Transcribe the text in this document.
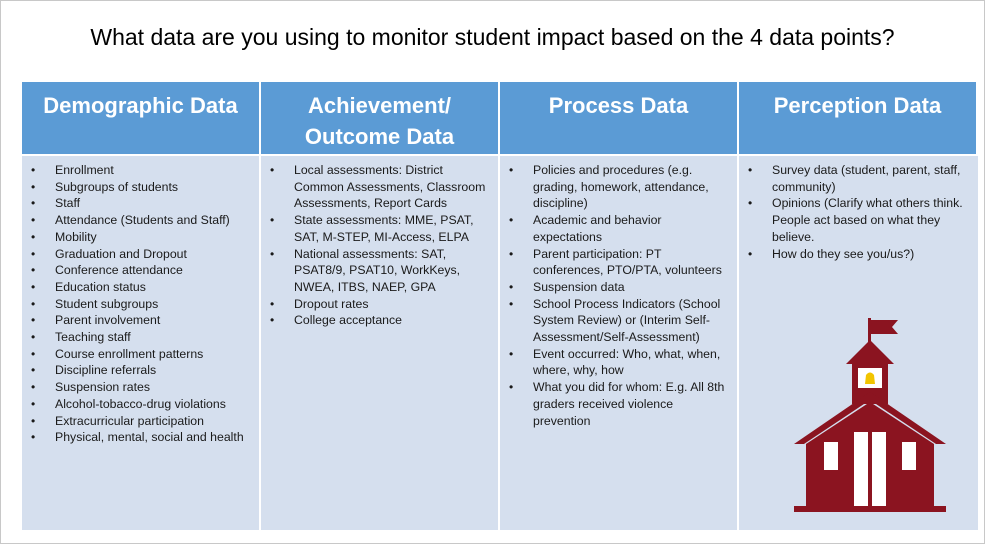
What data are you using to monitor student impact based on the 4 data points?
Demographic Data	Achievement/ Outcome Data
Process Data	Perception Data
• Enrollment
• Subgroups of students
• Staff
• Attendance (Students and Staff)
• Mobility
• Graduation and Dropout
• Conference attendance
• Education status
• Student subgroups
• Parent involvement
• Teaching staff
• Course enrollment patterns
• Discipline referrals
• Suspension rates
• Alcohol-tobacco-drug violations
• Extracurricular participation
• Physical, mental, social and health
• Local assessments: District Common Assessments, Classroom Assessments, Report Cards
• State assessments: MME, PSAT, SAT, M-STEP, MI-Access, ELPA
• National assessments: SAT, PSAT8/9, PSAT10, WorkKeys, NWEA, ITBS, NAEP, GPA
• Dropout rates
• College acceptance
• Policies and procedures (e.g. grading, homework, attendance, discipline)
• Academic and behavior expectations
• Parent participation: PT conferences, PTO/PTA, volunteers
• Suspension data
• School Process Indicators (School System Review) or (Interim Self-Assessment/Self-Assessment)
• Event occurred: Who, what, when, where, why, how
• What you did for whom: E.g. All 8th graders received violence prevention
• Survey data (student, parent, staff, community)
• Opinions (Clarify what others think. People act based on what they believe.
• How do they see you/us?)
